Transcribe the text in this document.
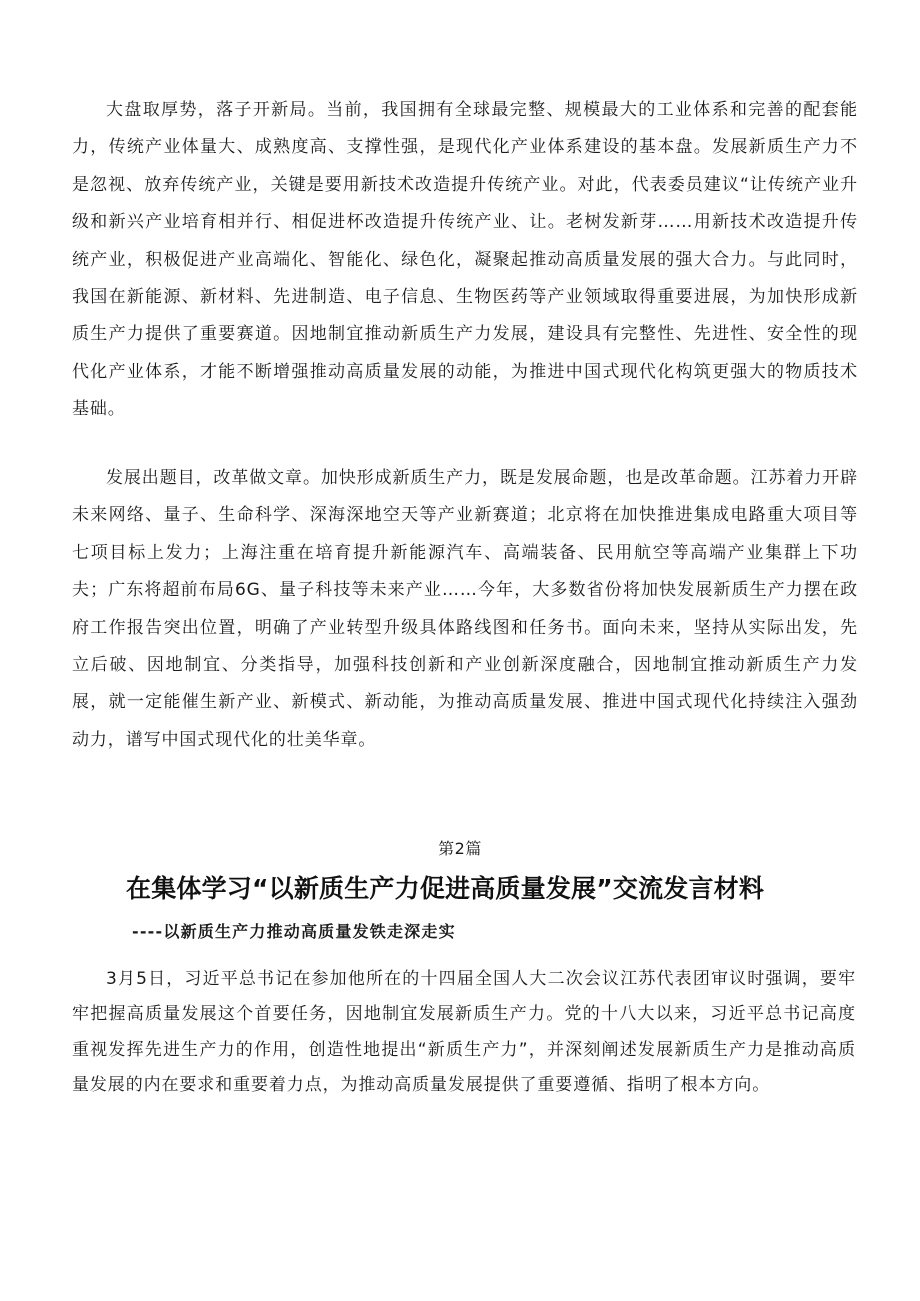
大盘取厚势，落子开新局。当前，我国拥有全球最完整、规模最大的工业体系和完善的配套能力，传统产业体量大、成熟度高、支撑性强，是现代化产业体系建设的基本盘。发展新质生产力不是忽视、放弃传统产业，关键是要用新技术改造提升传统产业。对此，代表委员建议“让传统产业升级和新兴产业培育相并行、相促进杯改造提升传统产业、让。老树发新芽……用新技术改造提升传统产业，积极促进产业高端化、智能化、绿色化，凝聚起推动高质量发展的强大合力。与此同时，我国在新能源、新材料、先进制造、电子信息、生物医药等产业领域取得重要进展，为加快形成新质生产力提供了重要赛道。因地制宜推动新质生产力发展，建设具有完整性、先进性、安全性的现代化产业体系，才能不断增强推动高质量发展的动能，为推进中国式现代化构筑更强大的物质技术基础。

发展出题目，改革做文章。加快形成新质生产力，既是发展命题，也是改革命题。江苏着力开辟未来网络、量子、生命科学、深海深地空天等产业新赛道；北京将在加快推进集成电路重大项目等七项目标上发力；上海注重在培育提升新能源汽车、高端装备、民用航空等高端产业集群上下功夫；广东将超前布局6G、量子科技等未来产业……今年，大多数省份将加快发展新质生产力摆在政府工作报告突出位置，明确了产业转型升级具体路线图和任务书。面向未来，坚持从实际出发，先立后破、因地制宜、分类指导，加强科技创新和产业创新深度融合，因地制宜推动新质生产力发展，就一定能催生新产业、新模式、新动能，为推动高质量发展、推进中国式现代化持续注入强劲动力，谱写中国式现代化的壮美华章。

第2篇

在集体学习“以新质生产力促进高质量发展”交流发言材料

----以新质生产力推动高质量发铁走深走实

3月5日，习近平总书记在参加他所在的十四届全国人大二次会议江苏代表团审议时强调，要牢牢把握高质量发展这个首要任务，因地制宜发展新质生产力。党的十八大以来，习近平总书记高度重视发挥先进生产力的作用，创造性地提出“新质生产力”，并深刻阐述发展新质生产力是推动高质量发展的内在要求和重要着力点，为推动高质量发展提供了重要遵循、指明了根本方向。
